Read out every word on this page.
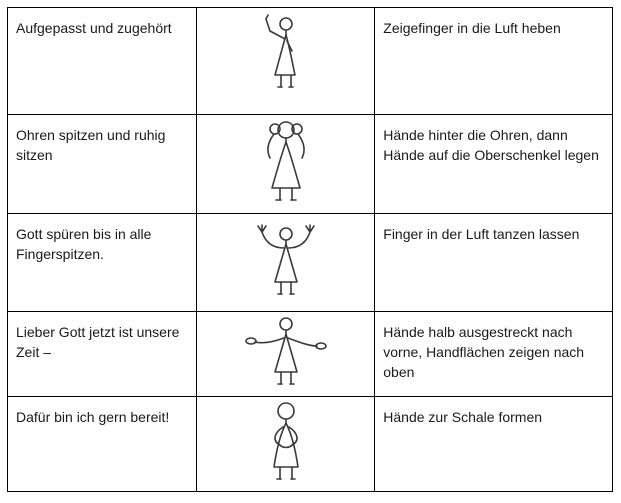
Aufgepasst und zugehört		Zeigefinger in die Luft heben
Ohren spitzen und ruhig sitzen		Hände hinter die Ohren, dann Hände auf die Oberschenkel legen
Gott spüren bis in alle Fingerspitzen.		Finger in der Luft tanzen lassen
Lieber Gott jetzt ist unsere Zeit –		Hände halb ausgestreckt nach vorne, Handflächen zeigen nach oben
Dafür bin ich gern bereit!		Hände zur Schale formen
